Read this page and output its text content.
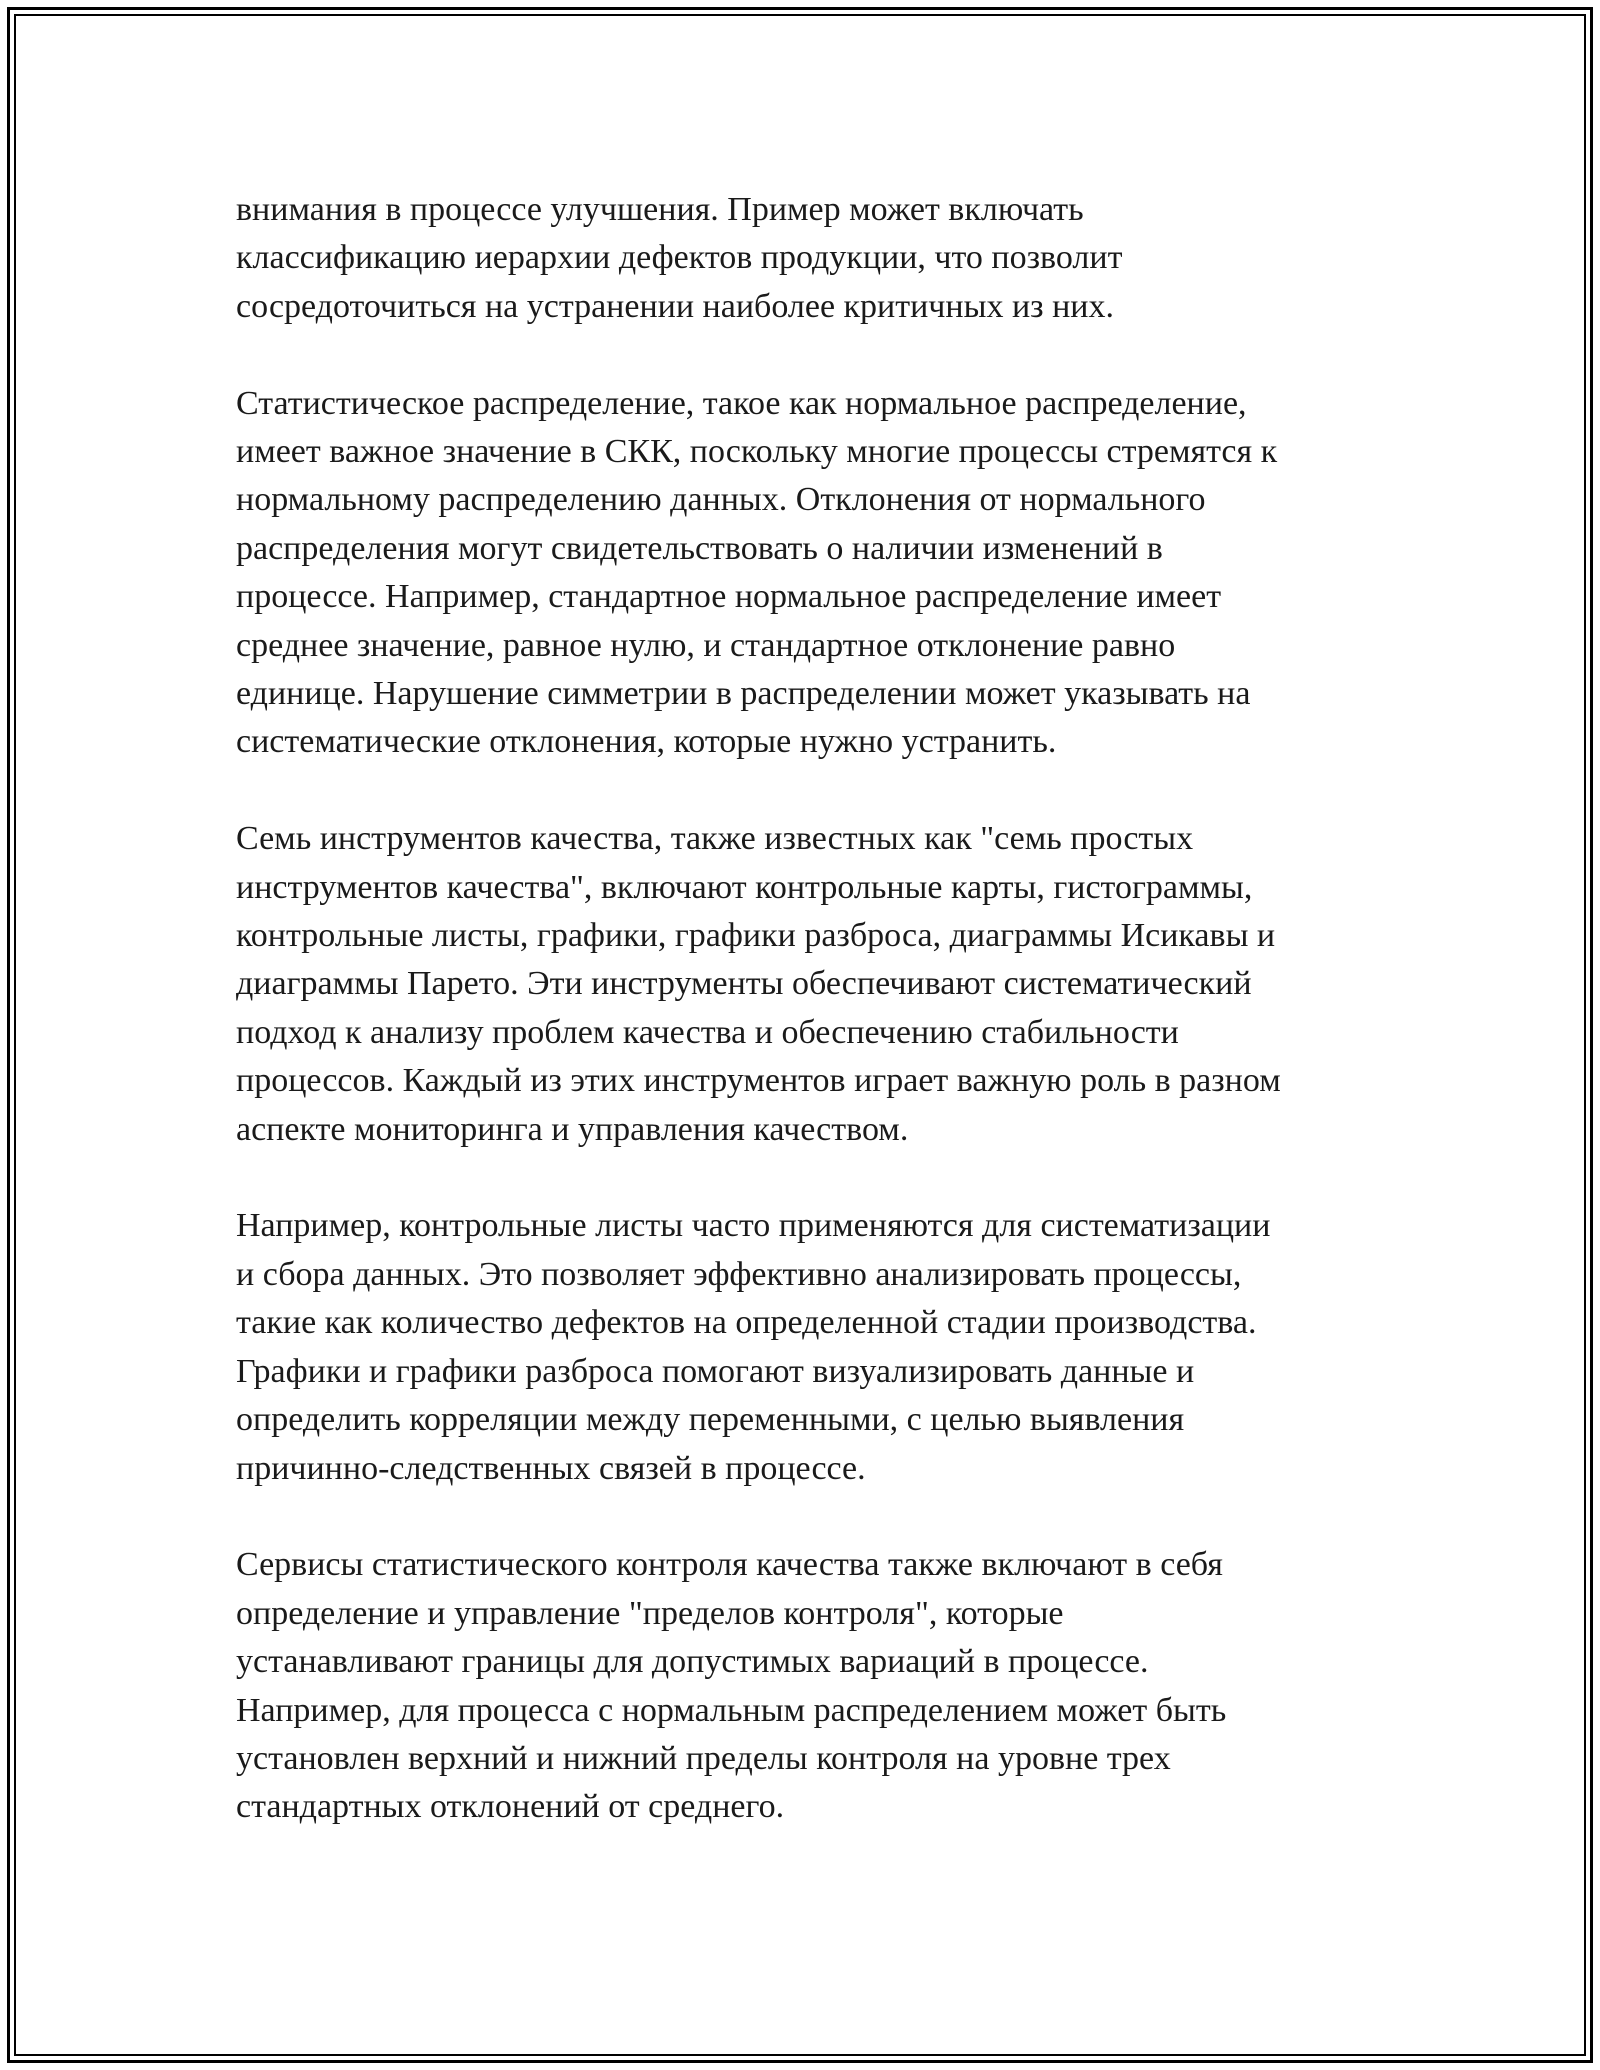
внимания в процессе улучшения. Пример может включать
классификацию иерархии дефектов продукции, что позволит
сосредоточиться на устранении наиболее критичных из них.

Статистическое распределение, такое как нормальное распределение,
имеет важное значение в СКК, поскольку многие процессы стремятся к
нормальному распределению данных. Отклонения от нормального
распределения могут свидетельствовать о наличии изменений в
процессе. Например, стандартное нормальное распределение имеет
среднее значение, равное нулю, и стандартное отклонение равно
единице. Нарушение симметрии в распределении может указывать на
систематические отклонения, которые нужно устранить.

Семь инструментов качества, также известных как "семь простых
инструментов качества", включают контрольные карты, гистограммы,
контрольные листы, графики, графики разброса, диаграммы Исикавы и
диаграммы Парето. Эти инструменты обеспечивают систематический
подход к анализу проблем качества и обеспечению стабильности
процессов. Каждый из этих инструментов играет важную роль в разном
аспекте мониторинга и управления качеством.

Например, контрольные листы часто применяются для систематизации
и сбора данных. Это позволяет эффективно анализировать процессы,
такие как количество дефектов на определенной стадии производства.
Графики и графики разброса помогают визуализировать данные и
определить корреляции между переменными, с целью выявления
причинно-следственных связей в процессе.

Сервисы статистического контроля качества также включают в себя
определение и управление "пределов контроля", которые
устанавливают границы для допустимых вариаций в процессе.
Например, для процесса с нормальным распределением может быть
установлен верхний и нижний пределы контроля на уровне трех
стандартных отклонений от среднего.
